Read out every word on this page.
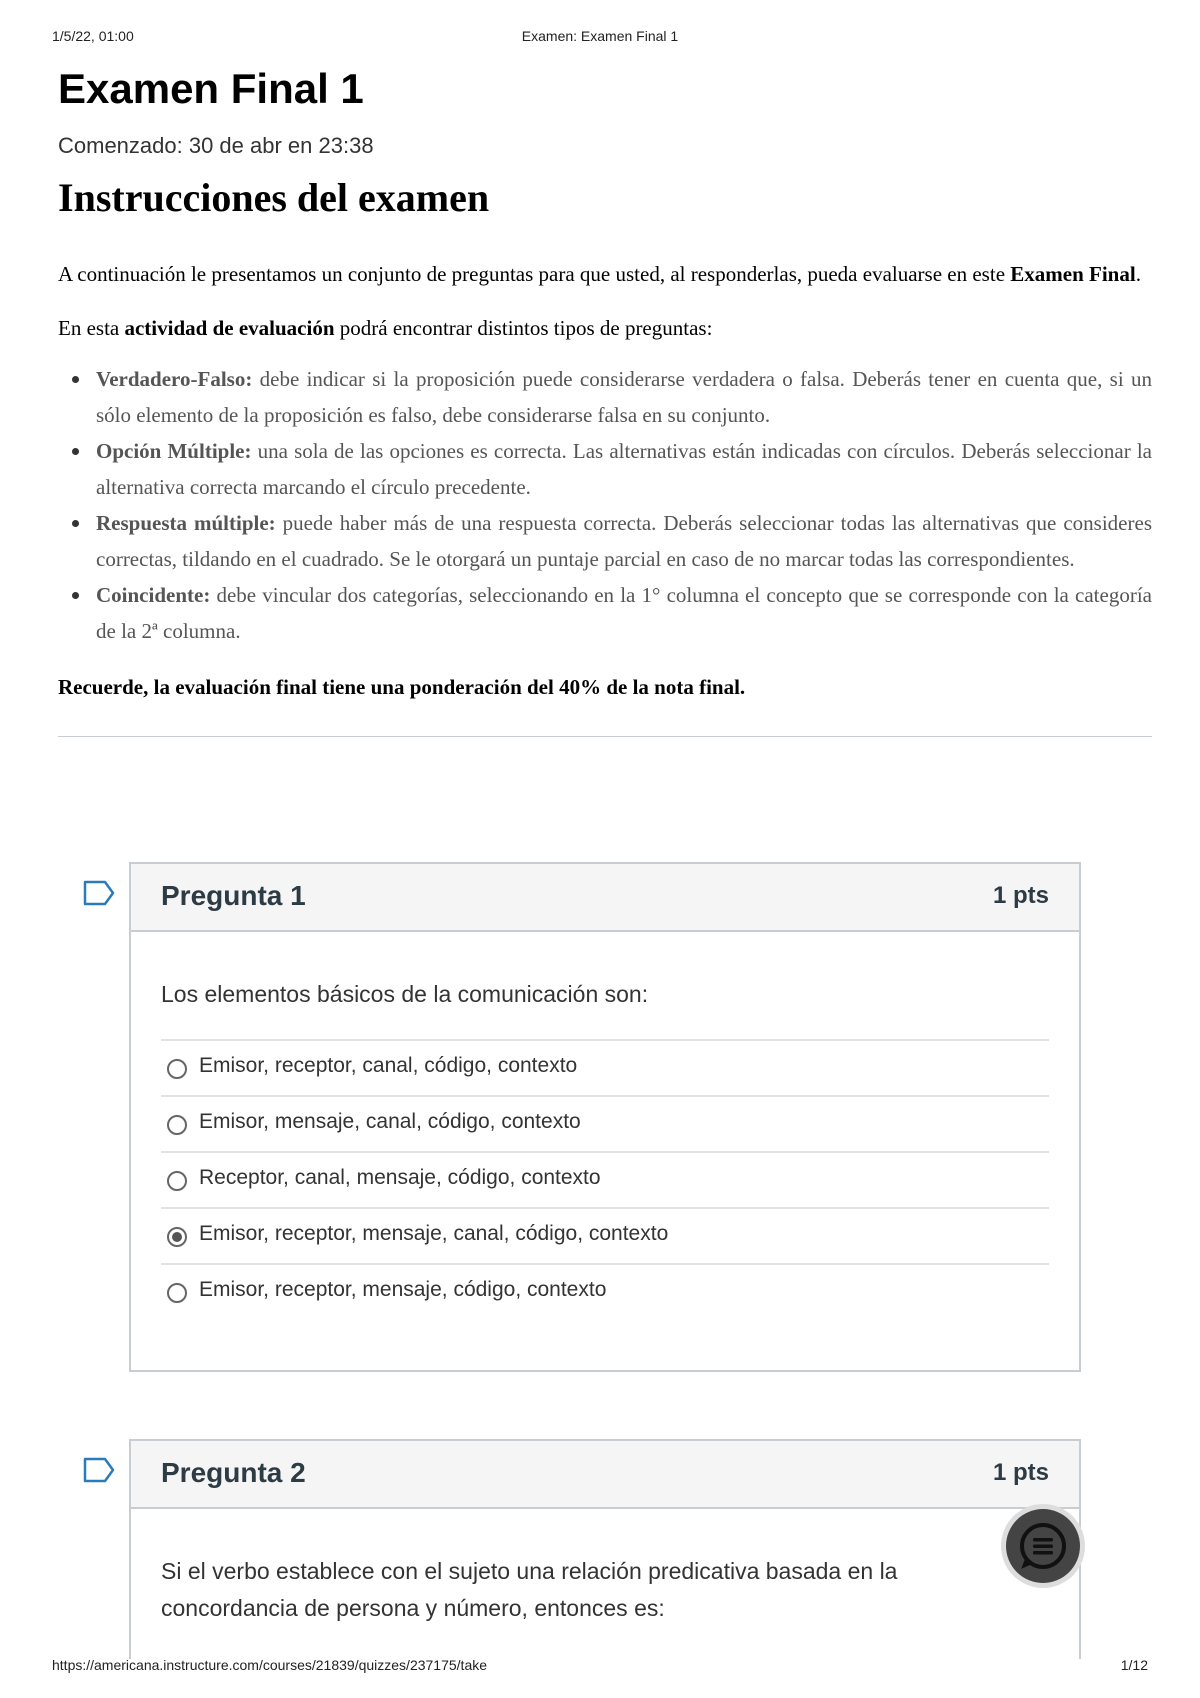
1/5/22, 01:00	Examen: Examen Final 1
Examen Final 1
Comenzado: 30 de abr en 23:38
Instrucciones del examen
A continuación le presentamos un conjunto de preguntas para que usted, al responderlas, pueda evaluarse en este Examen Final.
En esta actividad de evaluación podrá encontrar distintos tipos de preguntas:
Verdadero-Falso: debe indicar si la proposición puede considerarse verdadera o falsa. Deberás tener en cuenta que, si un sólo elemento de la proposición es falso, debe considerarse falsa en su conjunto.
Opción Múltiple: una sola de las opciones es correcta. Las alternativas están indicadas con círculos. Deberás seleccionar la alternativa correcta marcando el círculo precedente.
Respuesta múltiple: puede haber más de una respuesta correcta. Deberás seleccionar todas las alternativas que consideres correctas, tildando en el cuadrado. Se le otorgará un puntaje parcial en caso de no marcar todas las correspondientes.
Coincidente: debe vincular dos categorías, seleccionando en la 1° columna el concepto que se corresponde con la categoría de la 2ª columna.
Recuerde, la evaluación final tiene una ponderación del 40% de la nota final.
Pregunta 1	1 pts
Los elementos básicos de la comunicación son:
Emisor, receptor, canal, código, contexto
Emisor, mensaje, canal, código, contexto
Receptor, canal, mensaje, código, contexto
Emisor, receptor, mensaje, canal, código, contexto
Emisor, receptor, mensaje, código, contexto
Pregunta 2	1 pts
Si el verbo establece con el sujeto una relación predicativa basada en la concordancia de persona y número, entonces es:
https://americana.instructure.com/courses/21839/quizzes/237175/take	1/12
